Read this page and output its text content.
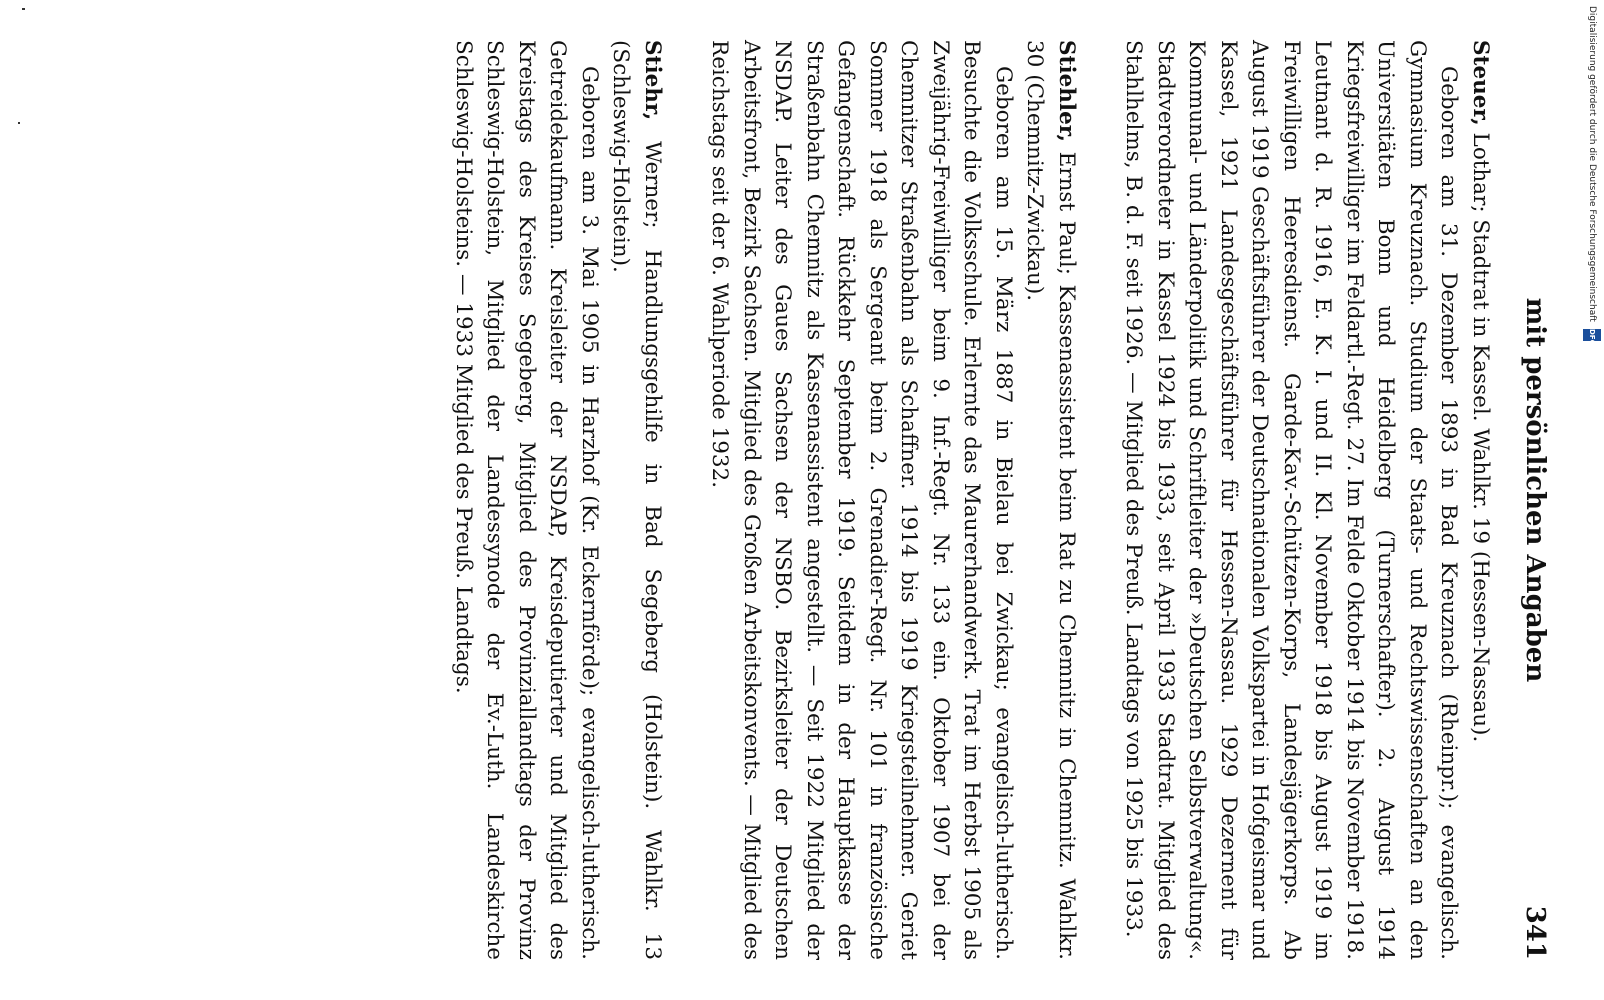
mit persönlichen Angaben
341

Steuer, Lothar; Stadtrat in Kassel. Wahlkr. 19 (Hessen-Nassau).

Geboren am 31. Dezember 1893 in Bad Kreuznach (Rheinpr.); evangelisch. Gymnasium Kreuznach. Studium der Staats- und Rechtswissenschaften an den Universitäten Bonn und Heidelberg (Turnerschafter). 2. August 1914 Kriegsfreiwilliger im Feldartl.-Regt. 27. Im Felde Oktober 1914 bis November 1918. Leutnant d. R. 1916, E. K. I. und II. Kl. November 1918 bis August 1919 im Freiwilligen Heeresdienst. Garde-Kav.-Schützen-Korps, Landesjägerkorps. Ab August 1919 Geschäftsführer der Deutschnationalen Volkspartei in Hofgeismar und Kassel, 1921 Landesgeschäftsführer für Hessen-Nassau. 1929 Dezernent für Kommunal- und Länderpolitik und Schriftleiter der »Deutschen Selbstverwaltung«. Stadtverordneter in Kassel 1924 bis 1933, seit April 1933 Stadtrat. Mitglied des Stahlhelms, B. d. F. seit 1926. — Mitglied des Preuß. Landtags von 1925 bis 1933.

Stiehler, Ernst Paul; Kassenassistent beim Rat zu Chemnitz in Chemnitz. Wahlkr. 30 (Chemnitz-Zwickau).

Geboren am 15. März 1887 in Bielau bei Zwickau; evangelisch-lutherisch. Besuchte die Volksschule. Erlernte das Maurerhandwerk. Trat im Herbst 1905 als Zweijährig-Freiwilliger beim 9. Inf.-Regt. Nr. 133 ein. Oktober 1907 bei der Chemnitzer Straßenbahn als Schaffner. 1914 bis 1919 Kriegsteilnehmer. Geriet Sommer 1918 als Sergeant beim 2. Grenadier-Regt. Nr. 101 in französische Gefangenschaft. Rückkehr September 1919. Seitdem in der Hauptkasse der Straßenbahn Chemnitz als Kassenassistent angestellt. — Seit 1922 Mitglied der NSDAP. Leiter des Gaues Sachsen der NSBO. Bezirksleiter der Deutschen Arbeitsfront, Bezirk Sachsen. Mitglied des Großen Arbeitskonvents. — Mitglied des Reichstags seit der 6. Wahlperiode 1932.

Stiehr, Werner; Handlungsgehilfe in Bad Segeberg (Holstein). Wahlkr. 13 (Schleswig-Holstein).

Geboren am 3. Mai 1905 in Harzhof (Kr. Eckernförde); evangelisch-lutherisch. Getreidekaufmann. Kreisleiter der NSDAP, Kreisdeputierter und Mitglied des Kreistags des Kreises Segeberg, Mitglied des Provinziallandtags der Provinz Schleswig-Holstein, Mitglied der Landessynode der Ev.-Luth. Landeskirche Schleswig-Holsteins. — 1933 Mitglied des Preuß. Landtags.	Digitalisierung gefördert durch die Deutsche Forschungsgemeinschaft
DFG
